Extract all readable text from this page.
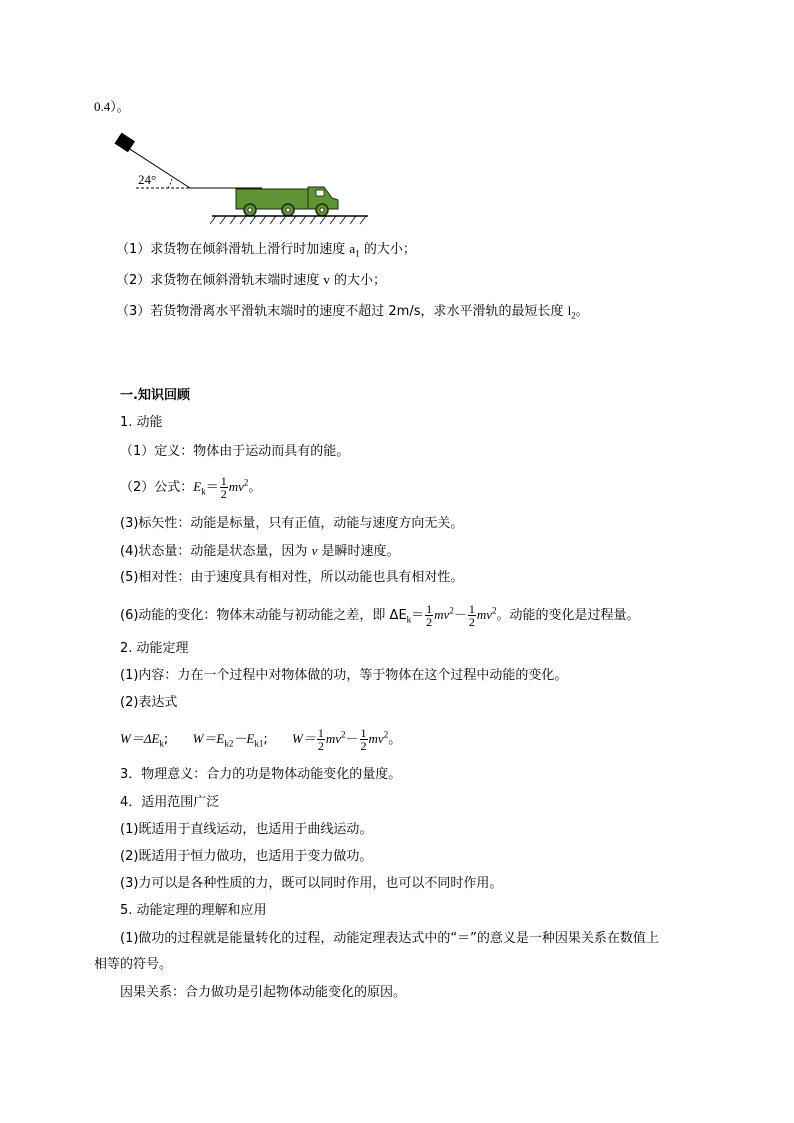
0.4）。
24°
（1）求货物在倾斜滑轨上滑行时加速度 $a_1$ 的大小；
（2）求货物在倾斜滑轨末端时速度 v 的大小；
（3）若货物滑离水平滑轨末端时的速度不超过 2m/s，求水平滑轨的最短长度 $l_2$。
一.知识回顾
1. 动能
（1）定义：物体由于运动而具有的能。
（2）公式：$E_k= \frac{1}{2} mv^2$。
(3)标矢性：动能是标量，只有正值，动能与速度方向无关。
(4)状态量：动能是状态量，因为 v 是瞬时速度。
(5)相对性：由于速度具有相对性，所以动能也具有相对性。
(6)动能的变化：物体末动能与初动能之差，即 $\Delta E_k= \frac{1}{2} mv^2- \frac{1}{2} mv^2$。动能的变化是过程量。
2. 动能定理
(1)内容：力在一个过程中对物体做的功，等于物体在这个过程中动能的变化。
(2)表达式
$W=\Delta E_k$; $W=E_{k2}-E_{k1}$; $W= \frac{1}{2} mv^2- \frac{1}{2} mv^2$。
3．物理意义：合力的功是物体动能变化的量度。
4．适用范围广泛
(1)既适用于直线运动，也适用于曲线运动。
(2)既适用于恒力做功，也适用于变力做功。
(3)力可以是各种性质的力，既可以同时作用，也可以不同时作用。
5. 动能定理的理解和应用
(1)做功的过程就是能量转化的过程，动能定理表达式中的“＝”的意义是一种因果关系在数值上
相等的符号。
因果关系：合力做功是引起物体动能变化的原因。
